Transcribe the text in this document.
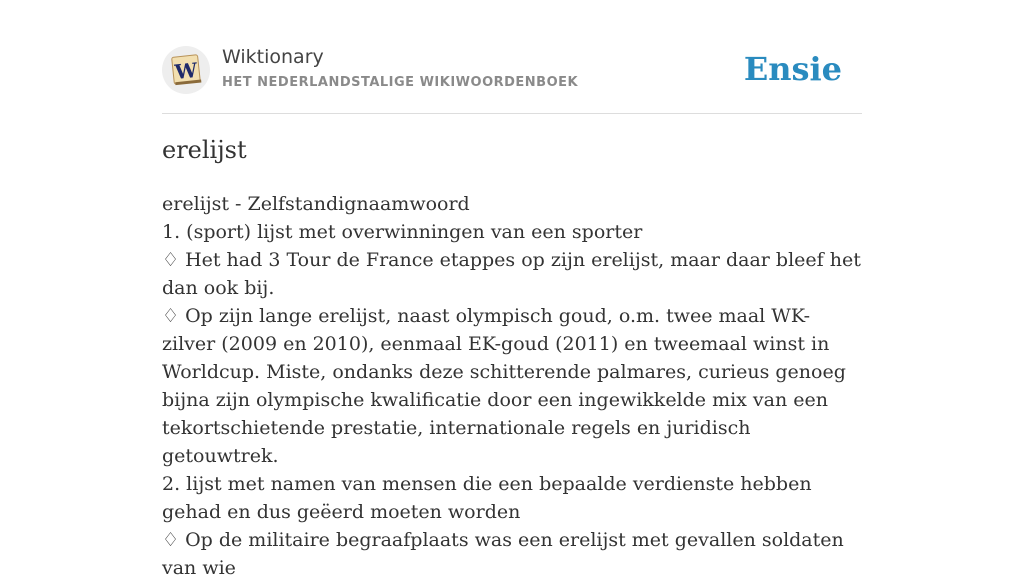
W
Wiktionary
HET NEDERLANDSTALIGE WIKIWOORDENBOEK	Ensie
erelijst

erelijst - Zelfstandignaamwoord

1. (sport) lijst met overwinningen van een sporter

♢ Het had 3 Tour de France etappes op zijn erelijst, maar daar bleef het dan ook bij.

♢ Op zijn lange erelijst, naast olympisch goud, o.m. twee maal WK-zilver (2009 en 2010), eenmaal EK-goud (2011) en tweemaal winst in Worldcup. Miste, ondanks deze schitterende palmares, curieus genoeg bijna zijn olympische kwalificatie door een ingewikkelde mix van een tekortschietende prestatie, internationale regels en juridisch getouwtrek.

2. lijst met namen van mensen die een bepaalde verdienste hebben gehad en dus geëerd moeten worden

♢ Op de militaire begraafplaats was een erelijst met gevallen soldaten van wie
